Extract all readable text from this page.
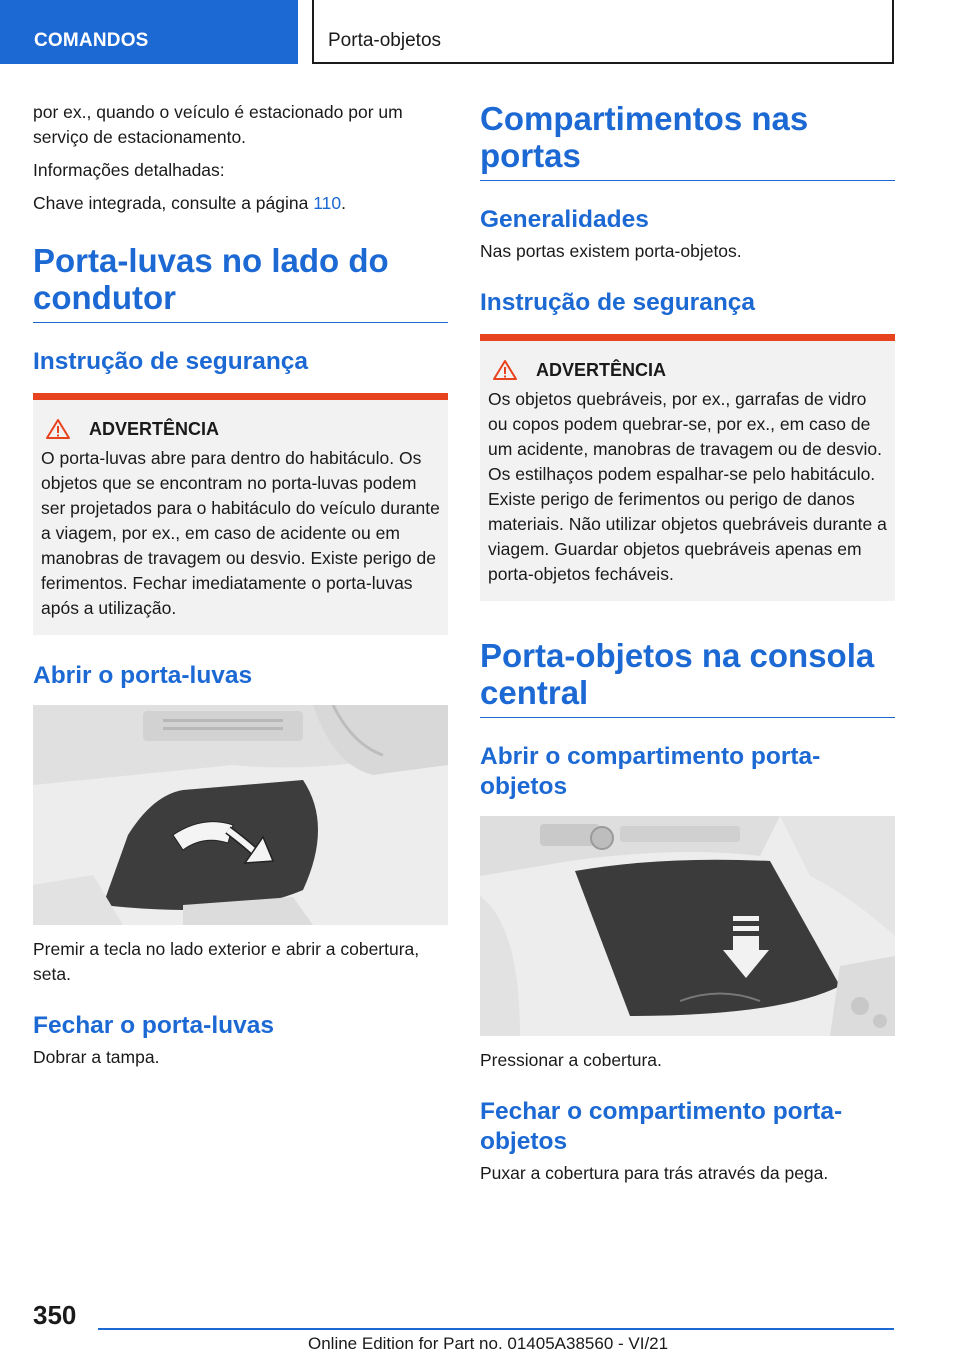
COMANDOS	Porta-objetos

por ex., quando o veículo é estacionado por um serviço de estacionamento.

Informações detalhadas:

Chave integrada, consulte a página 110.

Porta-luvas no lado do condutor
Instrução de segurança
ADVERTÊNCIA

O porta-luvas abre para dentro do habitáculo. Os objetos que se encontram no porta-luvas podem ser projetados para o habitáculo do veículo durante a viagem, por ex., em caso de acidente ou em manobras de travagem ou desvio. Existe perigo de ferimentos. Fechar imediatamente o porta-luvas após a utilização.

Abrir o porta-luvas

Premir a tecla no lado exterior e abrir a cobertura, seta.

Fechar o porta-luvas

Dobrar a tampa.

Compartimentos nas portas
Generalidades

Nas portas existem porta-objetos.

Instrução de segurança
ADVERTÊNCIA

Os objetos quebráveis, por ex., garrafas de vidro ou copos podem quebrar-se, por ex., em caso de um acidente, manobras de travagem ou de desvio. Os estilhaços podem espalhar-se pelo habitáculo. Existe perigo de ferimentos ou perigo de danos materiais. Não utilizar objetos quebráveis durante a viagem. Guardar objetos quebráveis apenas em porta-objetos fecháveis.

Porta-objetos na consola central
Abrir o compartimento porta-objetos

Pressionar a cobertura.

Fechar o compartimento porta-objetos

Puxar a cobertura para trás através da pega.

350
Online Edition for Part no. 01405A38560 - VI/21
